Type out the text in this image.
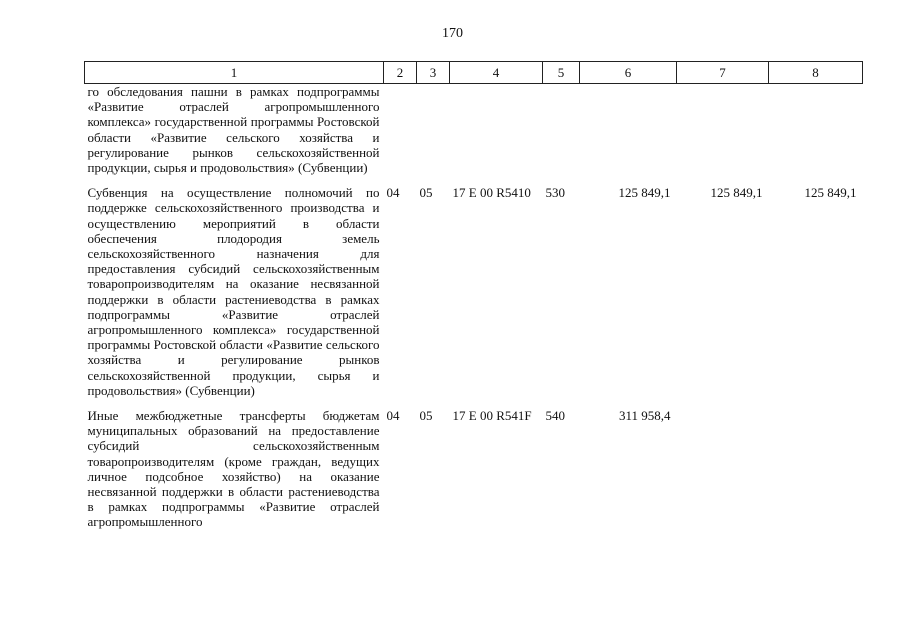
170
1	2	3	4	5	6	7	8
го обследования пашни в рамках подпрограммы «Развитие отраслей агропромышленного комплекса» государственной программы Ростовской области «Развитие сельского хозяйства и регулирование рынков сельскохозяйственной продукции, сырья и продовольствия» (Субвенции)							
Субвенция на осуществление полномочий по поддержке сельскохозяйственного производства и осуществлению мероприятий в области обеспечения плодородия земель сельскохозяйственного назначения для предоставления субсидий сельскохозяйственным товаропроизводителям на оказание несвязанной поддержки в области растениеводства в рамках подпрограммы «Развитие отраслей агропромышленного комплекса» государственной программы Ростовской области «Развитие сельского хозяйства и регулирование рынков сельскохозяйственной продукции, сырья и продовольствия» (Субвенции)	04	05	17 Е 00 R5410	530	125 849,1	125 849,1	125 849,1
Иные межбюджетные трансферты бюджетам муниципальных образований на предоставление субсидий сельскохозяйственным товаропроизводителям (кроме граждан, ведущих личное подсобное хозяйство) на оказание несвязанной поддержки в области растениеводства в рамках подпрограммы «Развитие отраслей агропромышленного	04	05	17 Е 00 R541F	540	311 958,4		
